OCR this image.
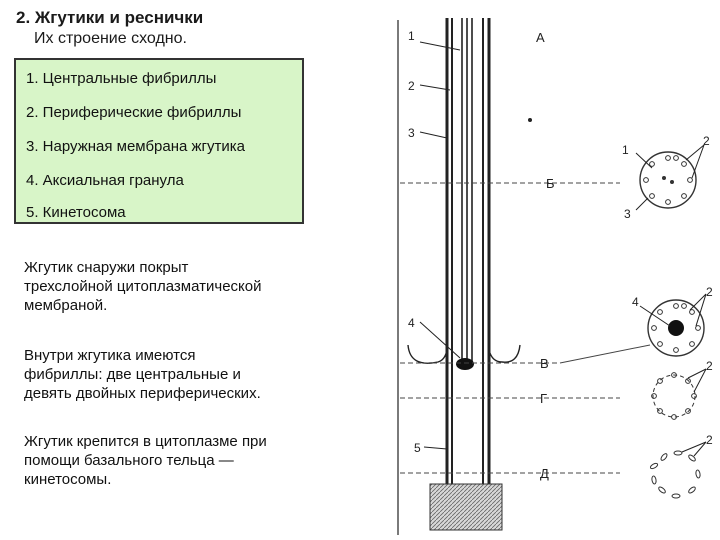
2. Жгутики и реснички
Их строение сходно.
1. Центральные фибриллы
2. Периферические фибриллы
3. Наружная мембрана жгутика
4. Аксиальная гранула
5. Кинетосома
Жгутик снаружи покрыт
трехслойной цитоплазматической
мембраной.
Внутри жгутика имеются
фибриллы: две центральные и
девять двойных периферических.
Жгутик крепится в цитоплазме при
помощи базального тельца —
кинетосомы.
1
2
3
4
5
А
Б
В
Г
Д
1
2
3
4
2
2
2
